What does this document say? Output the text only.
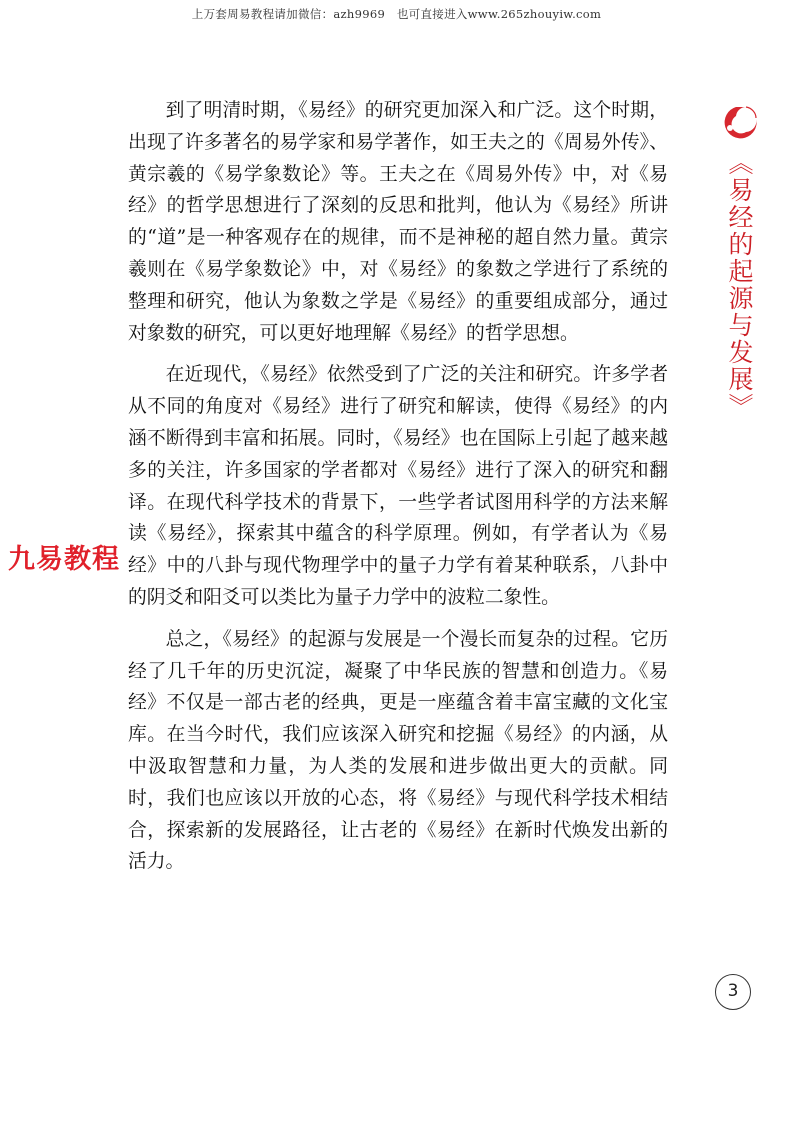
上万套周易教程请加微信：azh9969　也可直接进入www.265zhouyiw.com

到了明清时期，《易经》的研究更加深入和广泛。这个时期，出现了许多著名的易学家和易学著作，如王夫之的《周易外传》、黄宗羲的《易学象数论》等。王夫之在《周易外传》中，对《易经》的哲学思想进行了深刻的反思和批判，他认为《易经》所讲的“道”是一种客观存在的规律，而不是神秘的超自然力量。黄宗羲则在《易学象数论》中，对《易经》的象数之学进行了系统的整理和研究，他认为象数之学是《易经》的重要组成部分，通过对象数的研究，可以更好地理解《易经》的哲学思想。

在近现代，《易经》依然受到了广泛的关注和研究。许多学者从不同的角度对《易经》进行了研究和解读，使得《易经》的内涵不断得到丰富和拓展。同时，《易经》也在国际上引起了越来越多的关注，许多国家的学者都对《易经》进行了深入的研究和翻译。在现代科学技术的背景下，一些学者试图用科学的方法来解读《易经》，探索其中蕴含的科学原理。例如，有学者认为《易经》中的八卦与现代物理学中的量子力学有着某种联系，八卦中的阴爻和阳爻可以类比为量子力学中的波粒二象性。

总之，《易经》的起源与发展是一个漫长而复杂的过程。它历经了几千年的历史沉淀，凝聚了中华民族的智慧和创造力。《易经》不仅是一部古老的经典，更是一座蕴含着丰富宝藏的文化宝库。在当今时代，我们应该深入研究和挖掘《易经》的内涵，从中汲取智慧和力量，为人类的发展和进步做出更大的贡献。同时，我们也应该以开放的心态，将《易经》与现代科学技术相结合，探索新的发展路径，让古老的《易经》在新时代焕发出新的活力。

九易教程
《易经的起源与发展》
3
